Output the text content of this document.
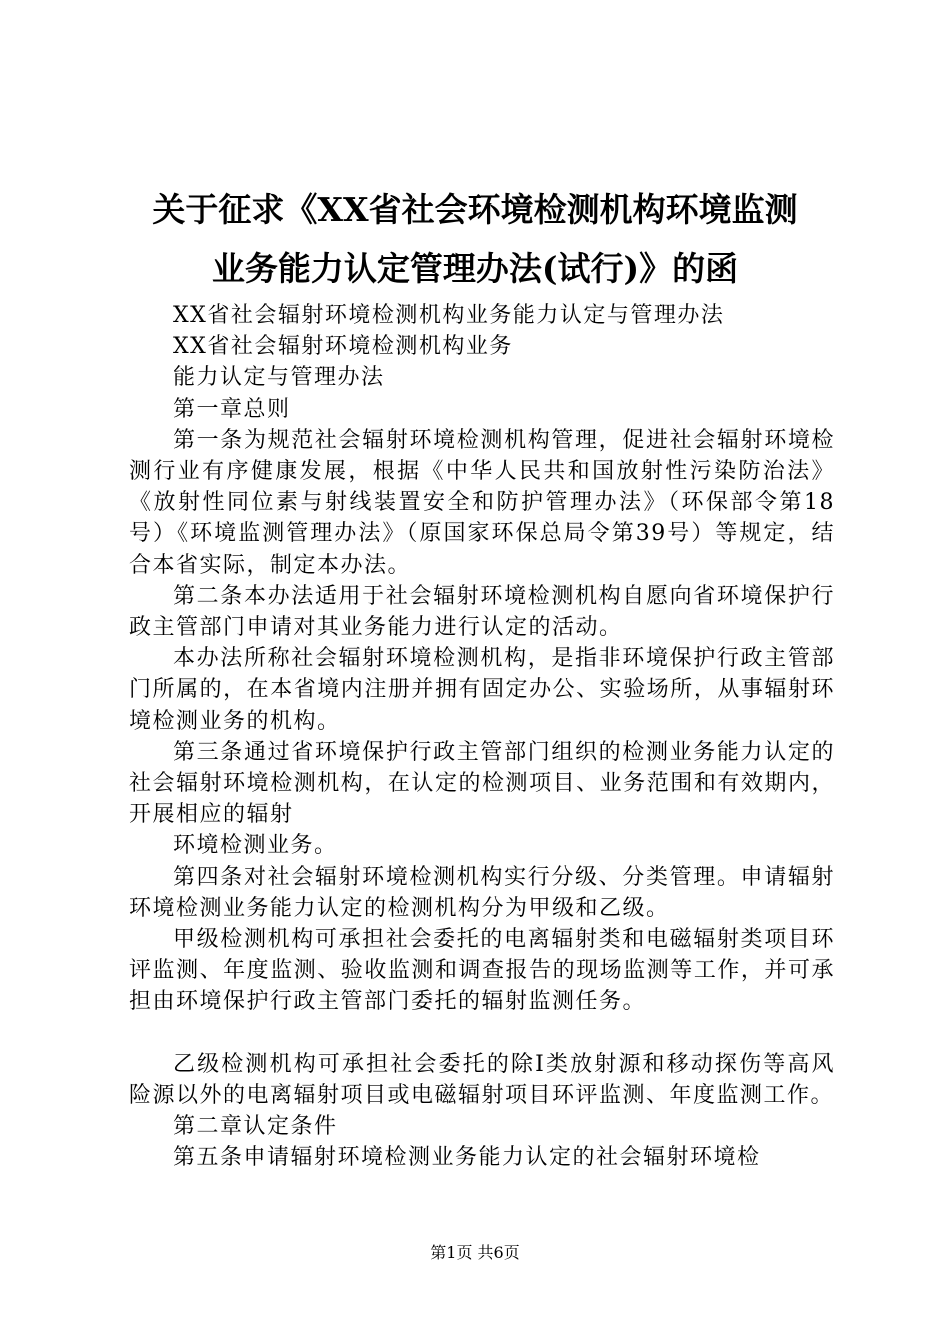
关于征求《XX省社会环境检测机构环境监测
业务能力认定管理办法(试行)》的函

XX省社会辐射环境检测机构业务能力认定与管理办法

XX省社会辐射环境检测机构业务

能力认定与管理办法

第一章总则

第一条为规范社会辐射环境检测机构管理，促进社会辐射环境检测行业有序健康发展，根据《中华人民共和国放射性污染防治法》《放射性同位素与射线装置安全和防护管理办法》（环保部令第18号）《环境监测管理办法》（原国家环保总局令第39号）等规定，结合本省实际，制定本办法。

第二条本办法适用于社会辐射环境检测机构自愿向省环境保护行政主管部门申请对其业务能力进行认定的活动。

本办法所称社会辐射环境检测机构，是指非环境保护行政主管部门所属的，在本省境内注册并拥有固定办公、实验场所，从事辐射环境检测业务的机构。

第三条通过省环境保护行政主管部门组织的检测业务能力认定的社会辐射环境检测机构，在认定的检测项目、业务范围和有效期内，开展相应的辐射

环境检测业务。

第四条对社会辐射环境检测机构实行分级、分类管理。申请辐射环境检测业务能力认定的检测机构分为甲级和乙级。

甲级检测机构可承担社会委托的电离辐射类和电磁辐射类项目环评监测、年度监测、验收监测和调查报告的现场监测等工作，并可承担由环境保护行政主管部门委托的辐射监测任务。

乙级检测机构可承担社会委托的除Ⅰ类放射源和移动探伤等高风险源以外的电离辐射项目或电磁辐射项目环评监测、年度监测工作。

第二章认定条件

第五条申请辐射环境检测业务能力认定的社会辐射环境检

第1页 共6页
